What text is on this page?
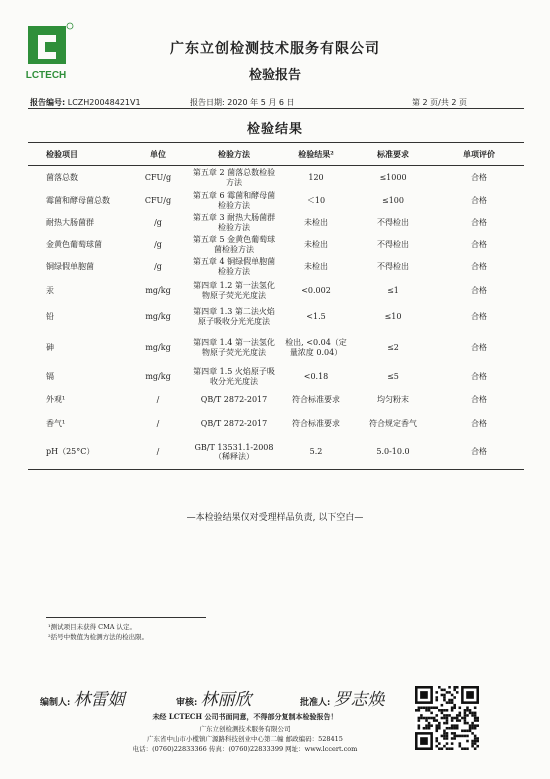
LCTECH
广东立创检测技术服务有限公司
检验报告
报告编号: LCZH20048421V1	报告日期: 2020 年 5 月 6 日	第 2 页/共 2 页
检验结果
检验项目	单位	检验方法	检验结果²	标准要求	单项评价
菌落总数	CFU/g	第五章 2 菌落总数检验方法	120	≤1000	合格
霉菌和酵母菌总数	CFU/g	第五章 6 霉菌和酵母菌检验方法	＜10	≤100	合格
耐热大肠菌群	/g	第五章 3 耐热大肠菌群检验方法	未检出	不得检出	合格
金黄色葡萄球菌	/g	第五章 5 金黄色葡萄球菌检验方法	未检出	不得检出	合格
铜绿假单胞菌	/g	第五章 4 铜绿假单胞菌检验方法	未检出	不得检出	合格
汞	mg/kg	第四章 1.2 第一法氢化物原子荧光光度法	<0.002	≤1	合格
铅	mg/kg	第四章 1.3 第二法火焰原子吸收分光光度法	<1.5	≤10	合格
砷	mg/kg	第四章 1.4 第一法氢化物原子荧光光度法	检出, <0.04（定量浓度 0.04）	≤2	合格
镉	mg/kg	第四章 1.5 火焰原子吸收分光光度法	<0.18	≤5	合格
外观¹	/	QB/T 2872-2017	符合标准要求	均匀粉末	合格
香气¹	/	QB/T 2872-2017	符合标准要求	符合规定香气	合格
pH（25°C）	/	GB/T 13531.1-2008（稀释法）	5.2	5.0-10.0	合格
—本检验结果仅对受理样品负责, 以下空白—
¹测试项目未获得 CMA 认定。
²括号中数值为检测方法的检出限。
编制人: 林雷姻	审核: 林丽欣	批准人: 罗志焕
未经 LCTECH 公司书面同意，不得部分复制本检验报告！
广东立创检测技术服务有限公司
广东省中山市小榄镇广源路科技创业中心第二幢 邮政编码：528415
电话：(0760)22833366 传真：(0760)22833399 网址：www.lccert.com
